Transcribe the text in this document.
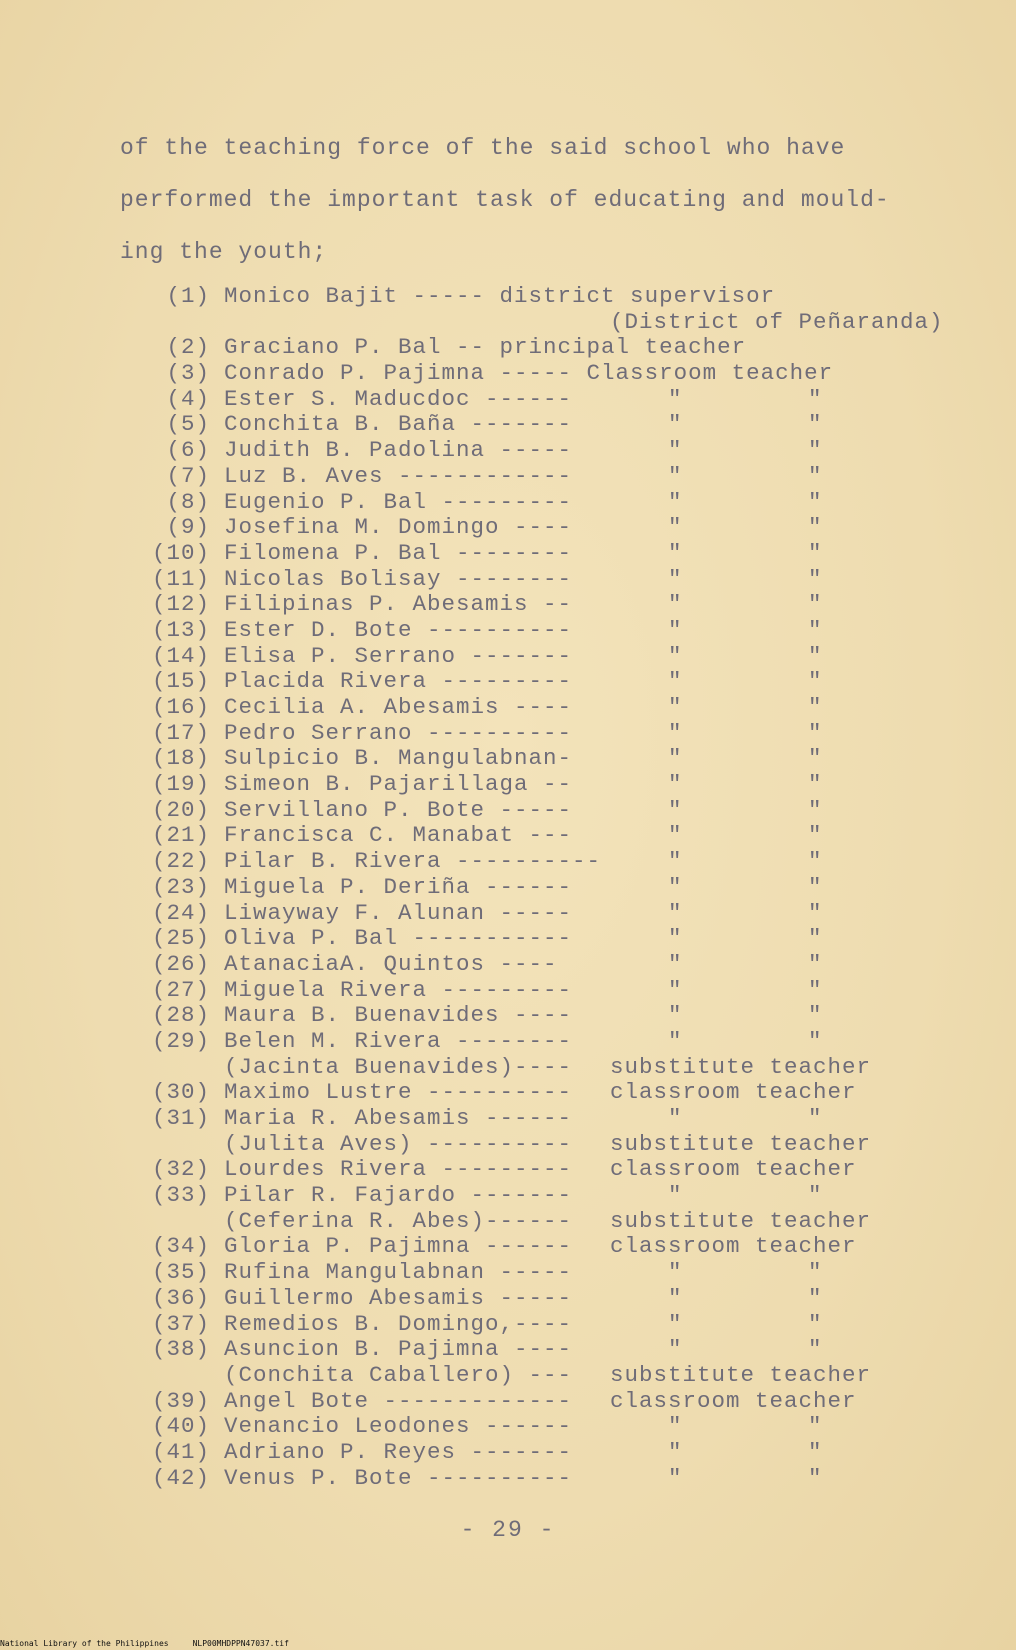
of the teaching force of the said school who have
performed the important task of educating and mould-
ing the youth;
(1) Monico Bajit ----- district supervisor
(District of Peñaranda)
(2) Graciano P. Bal -- principal teacher
(3) Conrado P. Pajimna ----- Classroom teacher
(4) Ester S. Maducdoc ------	"	"
(5) Conchita B. Baña -------	"	"
(6) Judith B. Padolina -----	"	"
(7) Luz B. Aves ------------	"	"
(8) Eugenio P. Bal ---------	"	"
(9) Josefina M. Domingo ----	"	"
(10) Filomena P. Bal --------	"	"
(11) Nicolas Bolisay --------	"	"
(12) Filipinas P. Abesamis --	"	"
(13) Ester D. Bote ----------	"	"
(14) Elisa P. Serrano -------	"	"
(15) Placida Rivera ---------	"	"
(16) Cecilia A. Abesamis ----	"	"
(17) Pedro Serrano ----------	"	"
(18) Sulpicio B. Mangulabnan-	"	"
(19) Simeon B. Pajarillaga --	"	"
(20) Servillano P. Bote -----	"	"
(21) Francisca C. Manabat ---	"	"
(22) Pilar B. Rivera ----------	"	"
(23) Miguela P. Deriña ------	"	"
(24) Liwayway F. Alunan -----	"	"
(25) Oliva P. Bal -----------	"	"
(26) AtanaciaA. Quintos ----	"	"
(27) Miguela Rivera ---------	"	"
(28) Maura B. Buenavides ----	"	"
(29) Belen M. Rivera --------	"	"
(Jacinta Buenavides)---- substitute teacher
(30) Maximo Lustre ---------- classroom teacher
(31) Maria R. Abesamis ------	"	"
(Julita Aves) ---------- substitute teacher
(32) Lourdes Rivera --------- classroom teacher
(33) Pilar R. Fajardo -------	"	"
(Ceferina R. Abes)------ substitute teacher
(34) Gloria P. Pajimna ------ classroom teacher
(35) Rufina Mangulabnan -----	"	"
(36) Guillermo Abesamis -----	"	"
(37) Remedios B. Domingo,----	"	"
(38) Asuncion B. Pajimna ----	"	"
(Conchita Caballero) --- substitute teacher
(39) Angel Bote ------------- classroom teacher
(40) Venancio Leodones ------	"	"
(41) Adriano P. Reyes -------	"	"
(42) Venus P. Bote ----------	"	"
- 29 -
National Library of the Philippines	NLP00MHDPPN47037.tif
